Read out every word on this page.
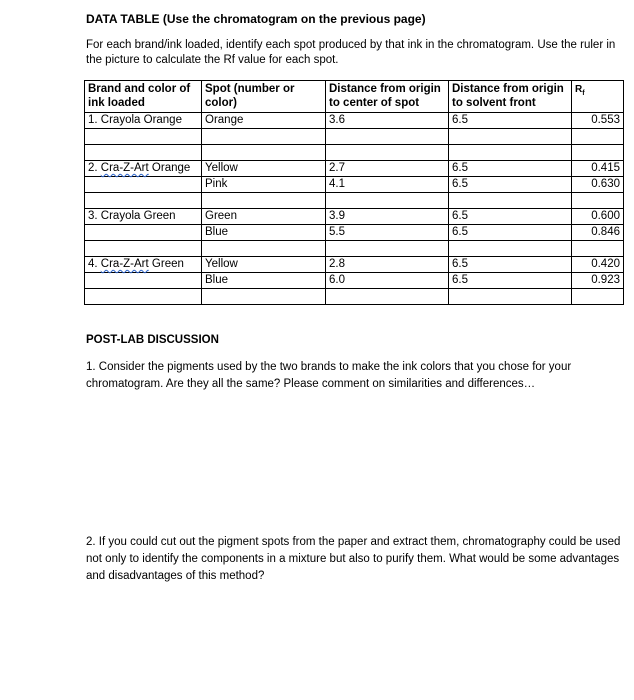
DATA TABLE (Use the chromatogram on the previous page)
For each brand/ink loaded, identify each spot produced by that ink in the chromatogram. Use the ruler in the picture to calculate the Rf value for each spot.
Brand and color of ink loaded	Spot (number or color)	Distance from origin to center of spot	Distance from origin to solvent front	$R_f$
1. Crayola Orange	Orange	3.6	6.5	0.553

2. Cra-Z-Art Orange	Yellow	2.7	6.5	0.415
	Pink	4.1	6.5	0.630

3. Crayola Green	Green	3.9	6.5	0.600
	Blue	5.5	6.5	0.846

4. Cra-Z-Art Green	Yellow	2.8	6.5	0.420
	Blue	6.0	6.5	0.923

POST-LAB DISCUSSION
1. Consider the pigments used by the two brands to make the ink colors that you chose for your chromatogram. Are they all the same? Please comment on similarities and differences…
2. If you could cut out the pigment spots from the paper and extract them, chromatography could be used not only to identify the components in a mixture but also to purify them. What would be some advantages and disadvantages of this method?
